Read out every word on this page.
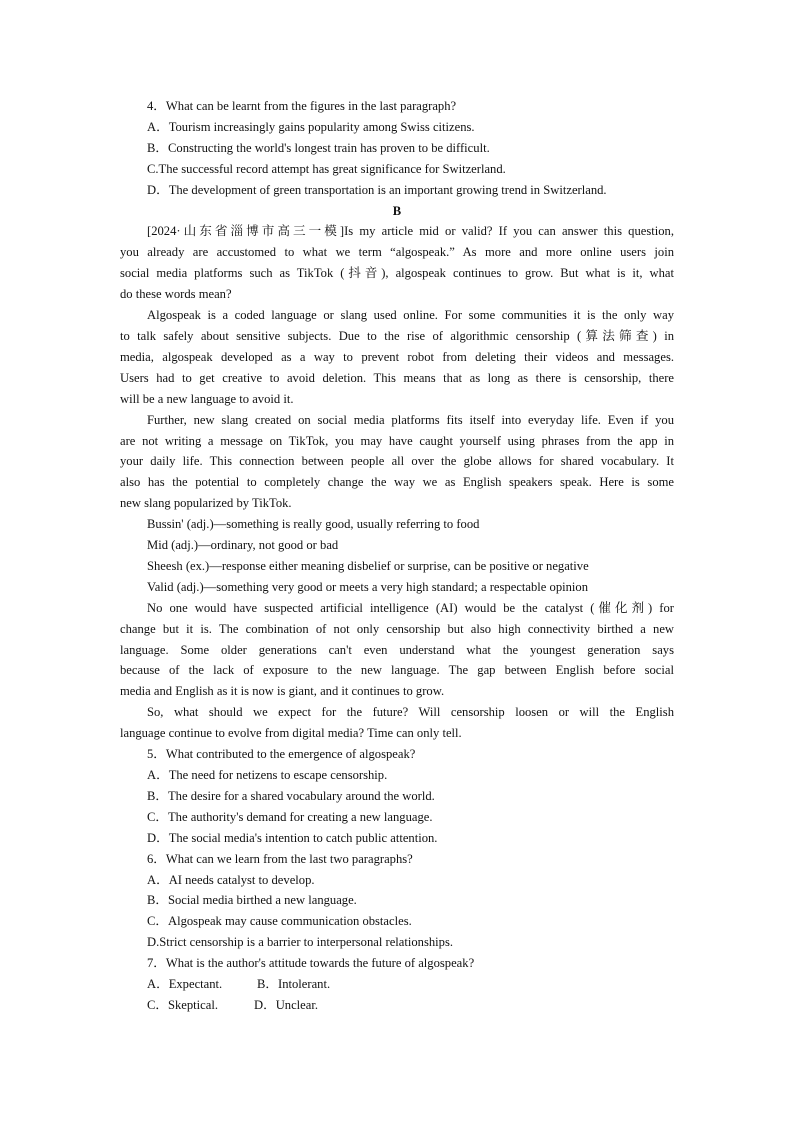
4．What can be learnt from the figures in the last paragraph?
A．Tourism increasingly gains popularity among Swiss citizens.
B．Constructing the world's longest train has proven to be difficult.
C.The successful record attempt has great significance for Switzerland.
D．The development of green transportation is an important growing trend in Switzerland.
B
[2024·山东省淄博市高三一模]Is my article mid or valid? If you can answer this question,
you already are accustomed to what we term “algospeak.” As more and more online users join
social media platforms such as TikTok (抖音), algospeak continues to grow. But what is it, what
do these words mean?
Algospeak is a coded language or slang used online. For some communities it is the only way
to talk safely about sensitive subjects. Due to the rise of algorithmic censorship (算法筛查) in
media, algospeak developed as a way to prevent robot from deleting their videos and messages.
Users had to get creative to avoid deletion. This means that as long as there is censorship, there
will be a new language to avoid it.
Further, new slang created on social media platforms fits itself into everyday life. Even if you
are not writing a message on TikTok, you may have caught yourself using phrases from the app in
your daily life. This connection between people all over the globe allows for shared vocabulary. It
also has the potential to completely change the way we as English speakers speak. Here is some
new slang popularized by TikTok.
Bussin' (adj.)—something is really good, usually referring to food
Mid (adj.)—ordinary, not good or bad
Sheesh (ex.)—response either meaning disbelief or surprise, can be positive or negative
Valid (adj.)—something very good or meets a very high standard; a respectable opinion
No one would have suspected artificial intelligence (AI) would be the catalyst (催化剂) for
change but it is. The combination of not only censorship but also high connectivity birthed a new
language. Some older generations can't even understand what the youngest generation says
because of the lack of exposure to the new language. The gap between English before social
media and English as it is now is giant, and it continues to grow.
So, what should we expect for the future? Will censorship loosen or will the English
language continue to evolve from digital media? Time can only tell.
5．What contributed to the emergence of algospeak?
A．The need for netizens to escape censorship.
B．The desire for a shared vocabulary around the world.
C．The authority's demand for creating a new language.
D．The social media's intention to catch public attention.
6．What can we learn from the last two paragraphs?
A．AI needs catalyst to develop.
B．Social media birthed a new language.
C．Algospeak may cause communication obstacles.
D.Strict censorship is a barrier to interpersonal relationships.
7．What is the author's attitude towards the future of algospeak?
A．Expectant.	B．Intolerant.
C．Skeptical.	D．Unclear.
